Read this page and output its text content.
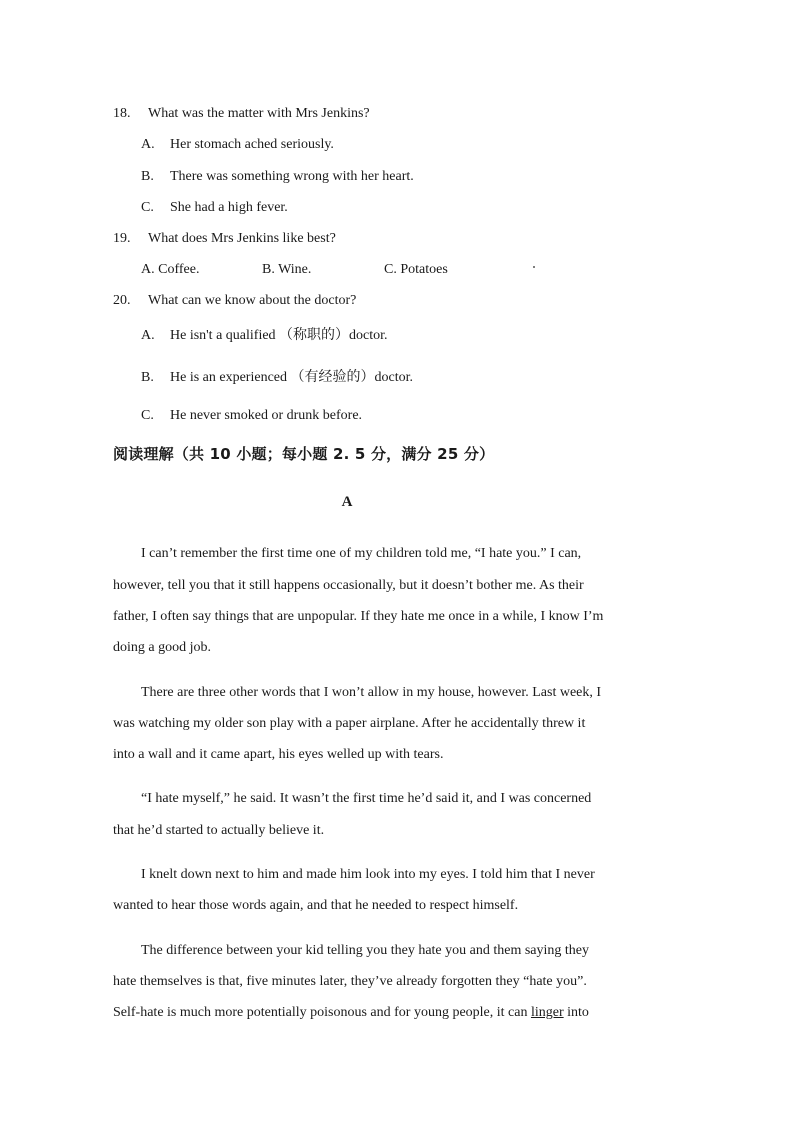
18. What was the matter with Mrs Jenkins?
A. Her stomach ached seriously.
B. There was something wrong with her heart.
C. She had a high fever.
19. What does Mrs Jenkins like best?
A. Coffee.	B. Wine.	C. Potatoes
20. What can we know about the doctor?
A. He isn't a qualified （称职的）doctor.
B. He is an experienced （有经验的）doctor.
C. He never smoked or drunk before.
阅读理解（共 10 小题；每小题 2. 5 分，满分 25 分）
A
I can’t remember the first time one of my children told me, “I hate you.” I can,
however, tell you that it still happens occasionally, but it doesn’t bother me. As their
father, I often say things that are unpopular. If they hate me once in a while, I know I’m
doing a good job.
There are three other words that I won’t allow in my house, however. Last week, I
was watching my older son play with a paper airplane. After he accidentally threw it
into a wall and it came apart, his eyes welled up with tears.
“I hate myself,” he said. It wasn’t the first time he’d said it, and I was concerned
that he’d started to actually believe it.
I knelt down next to him and made him look into my eyes. I told him that I never
wanted to hear those words again, and that he needed to respect himself.
The difference between your kid telling you they hate you and them saying they
hate themselves is that, five minutes later, they’ve already forgotten they “hate you”.
Self-hate is much more potentially poisonous and for young people, it can linger into
